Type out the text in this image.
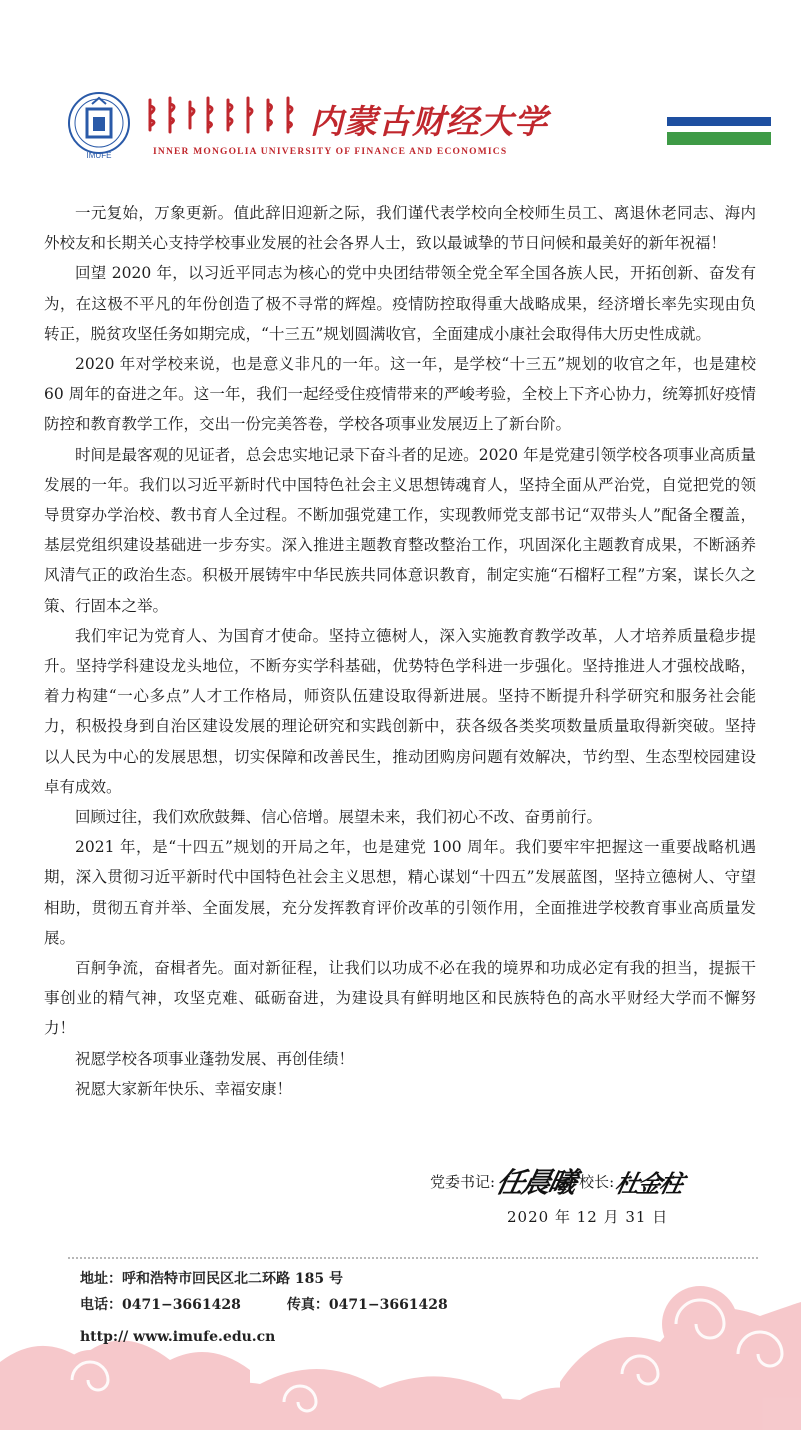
IMUFE
内蒙古财经大学
INNER MONGOLIA UNIVERSITY OF FINANCE AND ECONOMICS

一元复始，万象更新。值此辞旧迎新之际，我们谨代表学校向全校师生员工、离退休老同志、海内外校友和长期关心支持学校事业发展的社会各界人士，致以最诚挚的节日问候和最美好的新年祝福！

回望 2020 年，以习近平同志为核心的党中央团结带领全党全军全国各族人民，开拓创新、奋发有为，在这极不平凡的年份创造了极不寻常的辉煌。疫情防控取得重大战略成果，经济增长率先实现由负转正，脱贫攻坚任务如期完成，“十三五”规划圆满收官，全面建成小康社会取得伟大历史性成就。

2020 年对学校来说，也是意义非凡的一年。这一年，是学校“十三五”规划的收官之年，也是建校 60 周年的奋进之年。这一年，我们一起经受住疫情带来的严峻考验，全校上下齐心协力，统筹抓好疫情防控和教育教学工作，交出一份完美答卷，学校各项事业发展迈上了新台阶。

时间是最客观的见证者，总会忠实地记录下奋斗者的足迹。2020 年是党建引领学校各项事业高质量发展的一年。我们以习近平新时代中国特色社会主义思想铸魂育人，坚持全面从严治党，自觉把党的领导贯穿办学治校、教书育人全过程。不断加强党建工作，实现教师党支部书记“双带头人”配备全覆盖，基层党组织建设基础进一步夯实。深入推进主题教育整改整治工作，巩固深化主题教育成果，不断涵养风清气正的政治生态。积极开展铸牢中华民族共同体意识教育，制定实施“石榴籽工程”方案，谋长久之策、行固本之举。

我们牢记为党育人、为国育才使命。坚持立德树人，深入实施教育教学改革，人才培养质量稳步提升。坚持学科建设龙头地位，不断夯实学科基础，优势特色学科进一步强化。坚持推进人才强校战略，着力构建“一心多点”人才工作格局，师资队伍建设取得新进展。坚持不断提升科学研究和服务社会能力，积极投身到自治区建设发展的理论研究和实践创新中，获各级各类奖项数量质量取得新突破。坚持以人民为中心的发展思想，切实保障和改善民生，推动团购房问题有效解决，节约型、生态型校园建设卓有成效。

回顾过往，我们欢欣鼓舞、信心倍增。展望未来，我们初心不改、奋勇前行。

2021 年，是“十四五”规划的开局之年，也是建党 100 周年。我们要牢牢把握这一重要战略机遇期，深入贯彻习近平新时代中国特色社会主义思想，精心谋划“十四五”发展蓝图，坚持立德树人、守望相助，贯彻五育并举、全面发展，充分发挥教育评价改革的引领作用，全面推进学校教育事业高质量发展。

百舸争流，奋楫者先。面对新征程，让我们以功成不必在我的境界和功成必定有我的担当，提振干事创业的精气神，攻坚克难、砥砺奋进，为建设具有鲜明地区和民族特色的高水平财经大学而不懈努力！

祝愿学校各项事业蓬勃发展、再创佳绩！

祝愿大家新年快乐、幸福安康！

党委书记:
任晨曦 校长:
杜金柱
2020 年 12 月 31 日
地址：呼和浩特市回民区北二环路 185 号
电话：0471−3661428	传真：0471−3661428
http:// www.imufe.edu.cn
